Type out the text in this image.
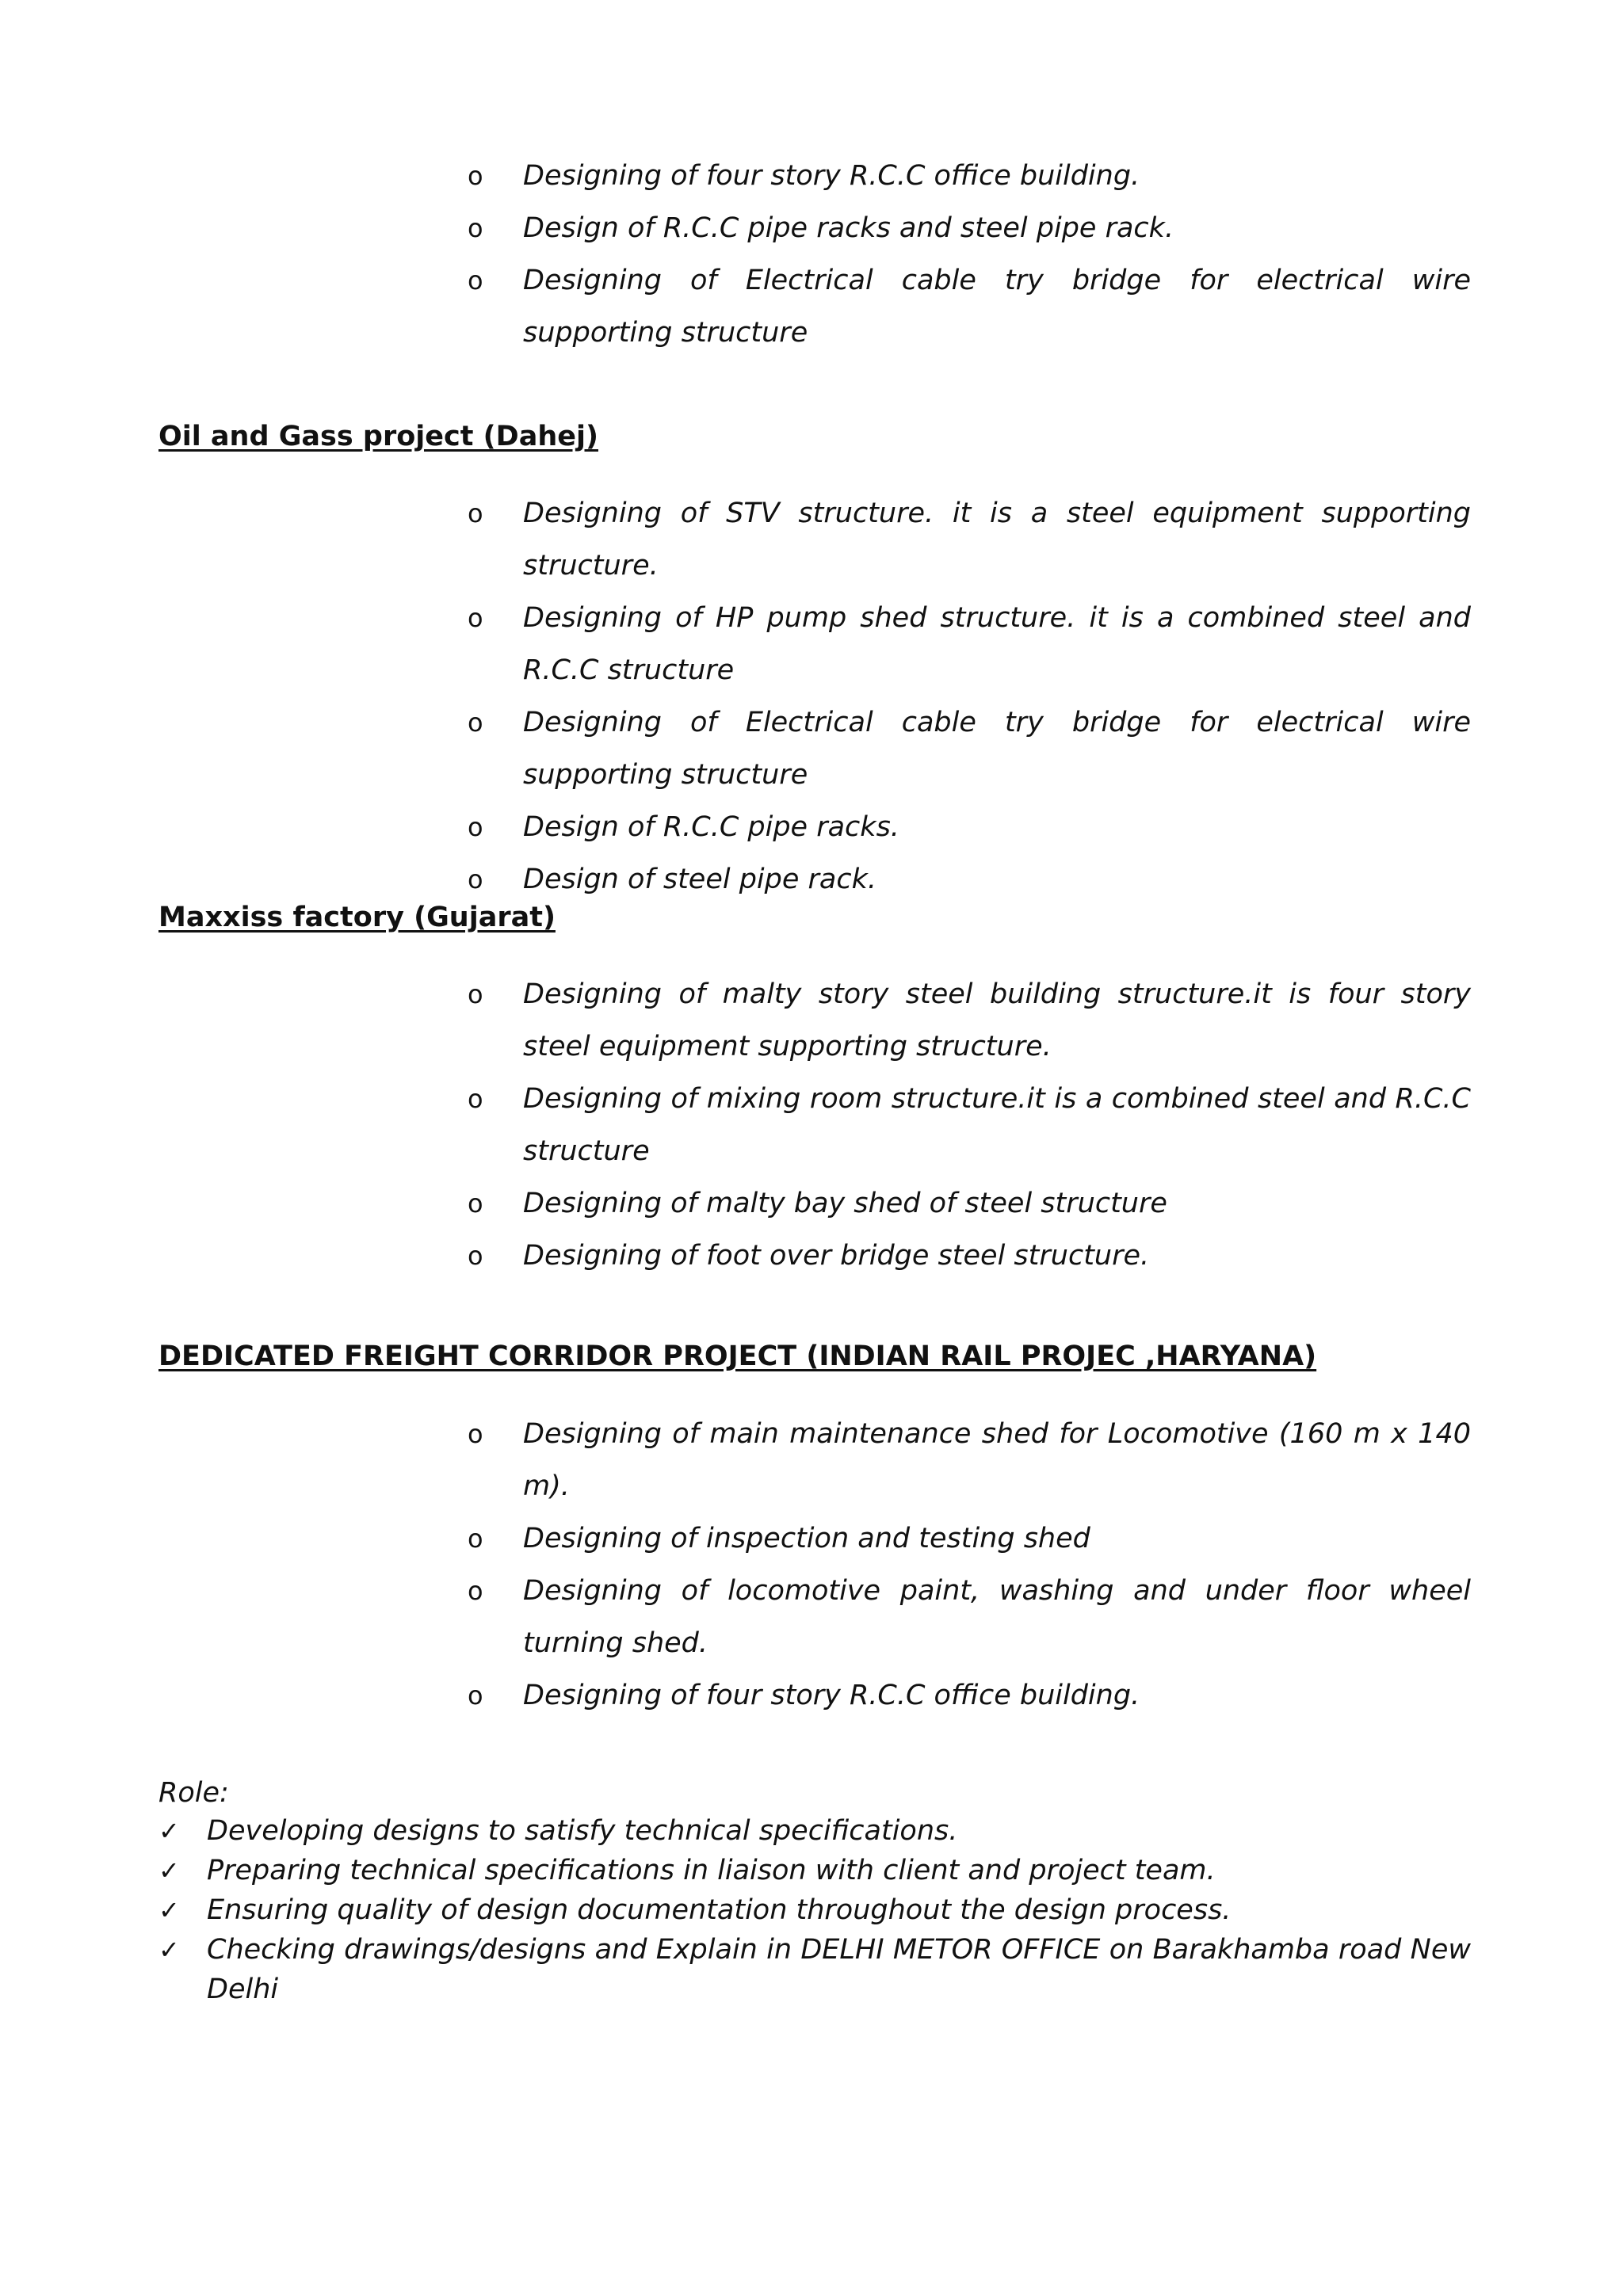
o Designing of four story R.C.C office building.
o Design of R.C.C pipe racks and steel pipe rack.
o Designing of Electrical cable try bridge for electrical wire supporting structure
Oil and Gass project (Dahej)
o Designing of STV structure. it is a steel equipment supporting structure.
o Designing of HP pump shed structure. it is a combined steel and R.C.C structure
o Designing of Electrical cable try bridge for electrical wire supporting structure
o Design of R.C.C pipe racks.
o Design of steel pipe rack.
Maxxiss factory (Gujarat)
o Designing of malty story steel building structure.it is four story steel equipment supporting structure.
o Designing of mixing room structure.it is a combined steel and R.C.C structure
o Designing of malty bay shed of steel structure
o Designing of foot over bridge steel structure.
DEDICATED FREIGHT CORRIDOR PROJECT (INDIAN RAIL PROJEC ,HARYANA)
o Designing of main maintenance shed for Locomotive (160 m x 140 m).
o Designing of inspection and testing shed
o Designing of locomotive paint, washing and under floor wheel turning shed.
o Designing of four story R.C.C office building.

Role:

✓ Developing designs to satisfy technical specifications.
✓ Preparing technical specifications in liaison with client and project team.
✓ Ensuring quality of design documentation throughout the design process.
✓ Checking drawings/designs and Explain in DELHI METOR OFFICE on Barakhamba road New Delhi
